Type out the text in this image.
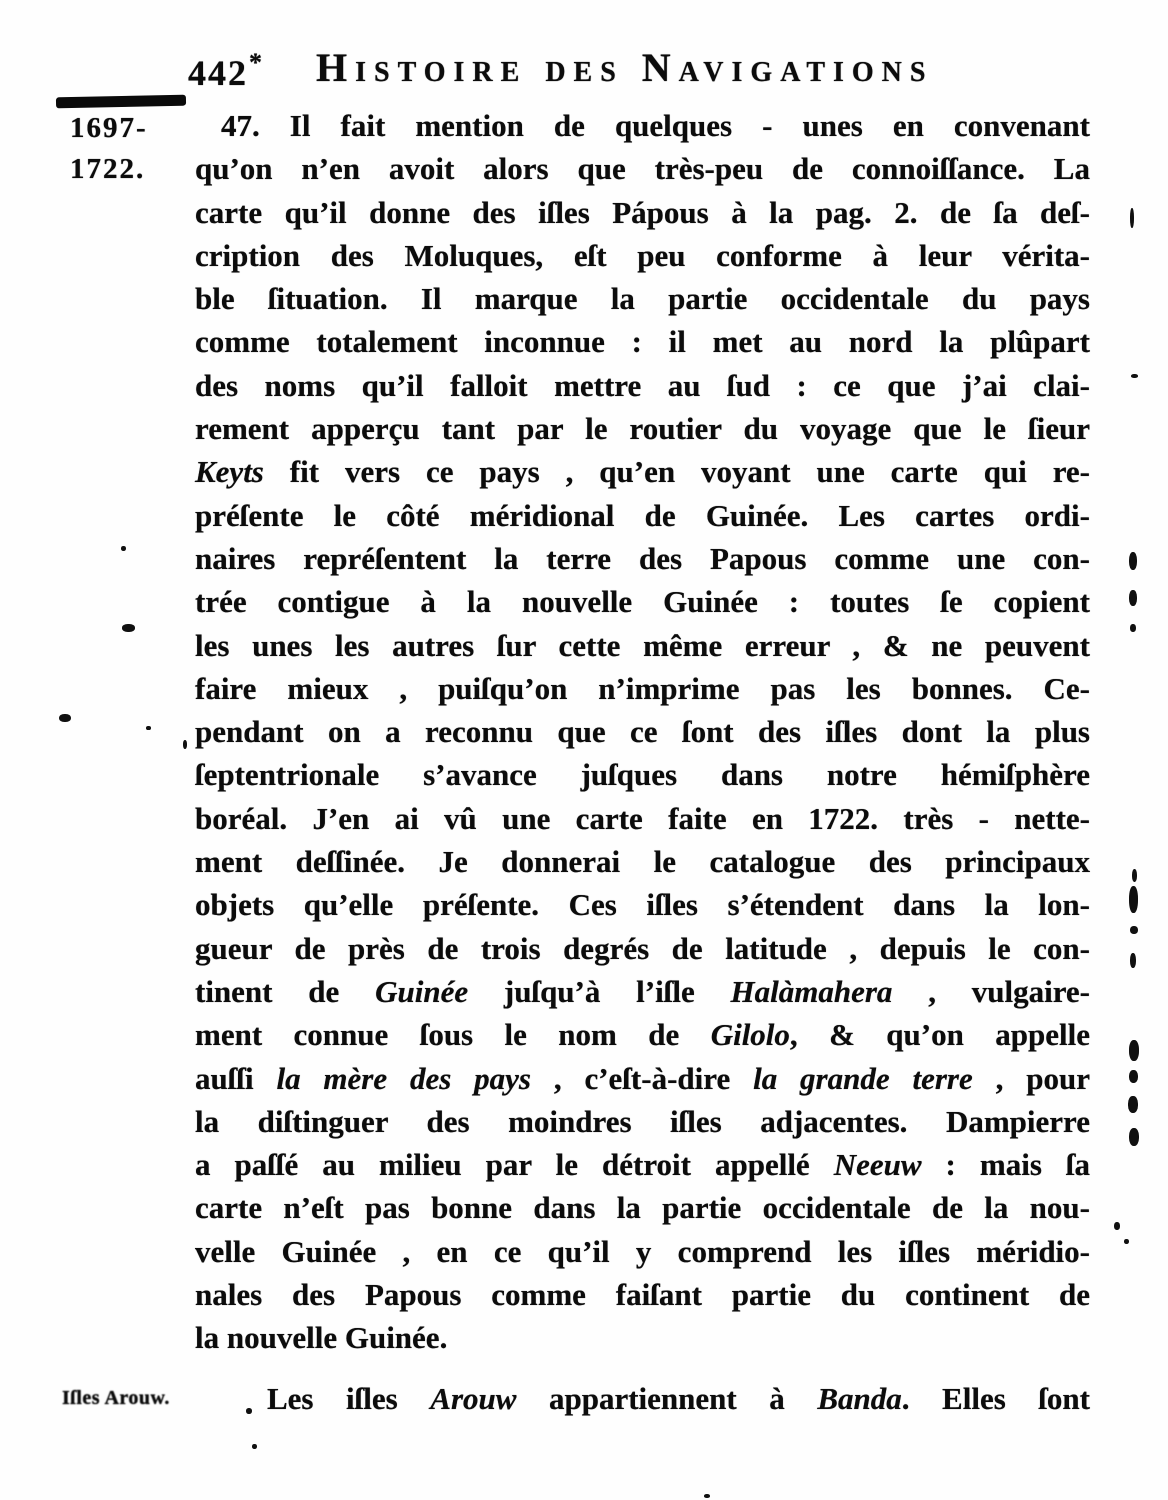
442* Histoire des Navigations
1697-
1722.
Iſles Arouw.
47. Il fait mention de quelques - unes en convenant
qu’on n’en avoit alors que très-peu de connoiſſance. La
carte qu’il donne des iſles Pápous à la pag. 2. de ſa deſ-
cription des Moluques, eſt peu conforme à leur vérita-
ble ſituation. Il marque la partie occidentale du pays
comme totalement inconnue : il met au nord la plûpart
des noms qu’il falloit mettre au ſud : ce que j’ai clai-
rement apperçu tant par le routier du voyage que le ſieur
Keyts fit vers ce pays , qu’en voyant une carte qui re-
préſente le côté méridional de Guinée. Les cartes ordi-
naires repréſentent la terre des Papous comme une con-
trée contigue à la nouvelle Guinée : toutes ſe copient
les unes les autres ſur cette même erreur , & ne peuvent
faire mieux , puiſqu’on n’imprime pas les bonnes. Ce-
pendant on a reconnu que ce ſont des iſles dont la plus
ſeptentrionale s’avance juſques dans notre hémiſphère
boréal. J’en ai vû une carte faite en 1722. très - nette-
ment deſſinée. Je donnerai le catalogue des principaux
objets qu’elle préſente. Ces iſles s’étendent dans la lon-
gueur de près de trois degrés de latitude , depuis le con-
tinent de Guinée juſqu’à l’iſle Halàmahera , vulgaire-
ment connue ſous le nom de Gilolo, & qu’on appelle
auſſi la mère des pays , c’eſt-à-dire la grande terre , pour
la diſtinguer des moindres iſles adjacentes. Dampierre
a paſſé au milieu par le détroit appellé Neeuw : mais ſa
carte n’eſt pas bonne dans la partie occidentale de la nou-
velle Guinée , en ce qu’il y comprend les iſles méridio-
nales des Papous comme faiſant partie du continent de
la nouvelle Guinée.
Les iſles Arouw appartiennent à Banda. Elles ſont
